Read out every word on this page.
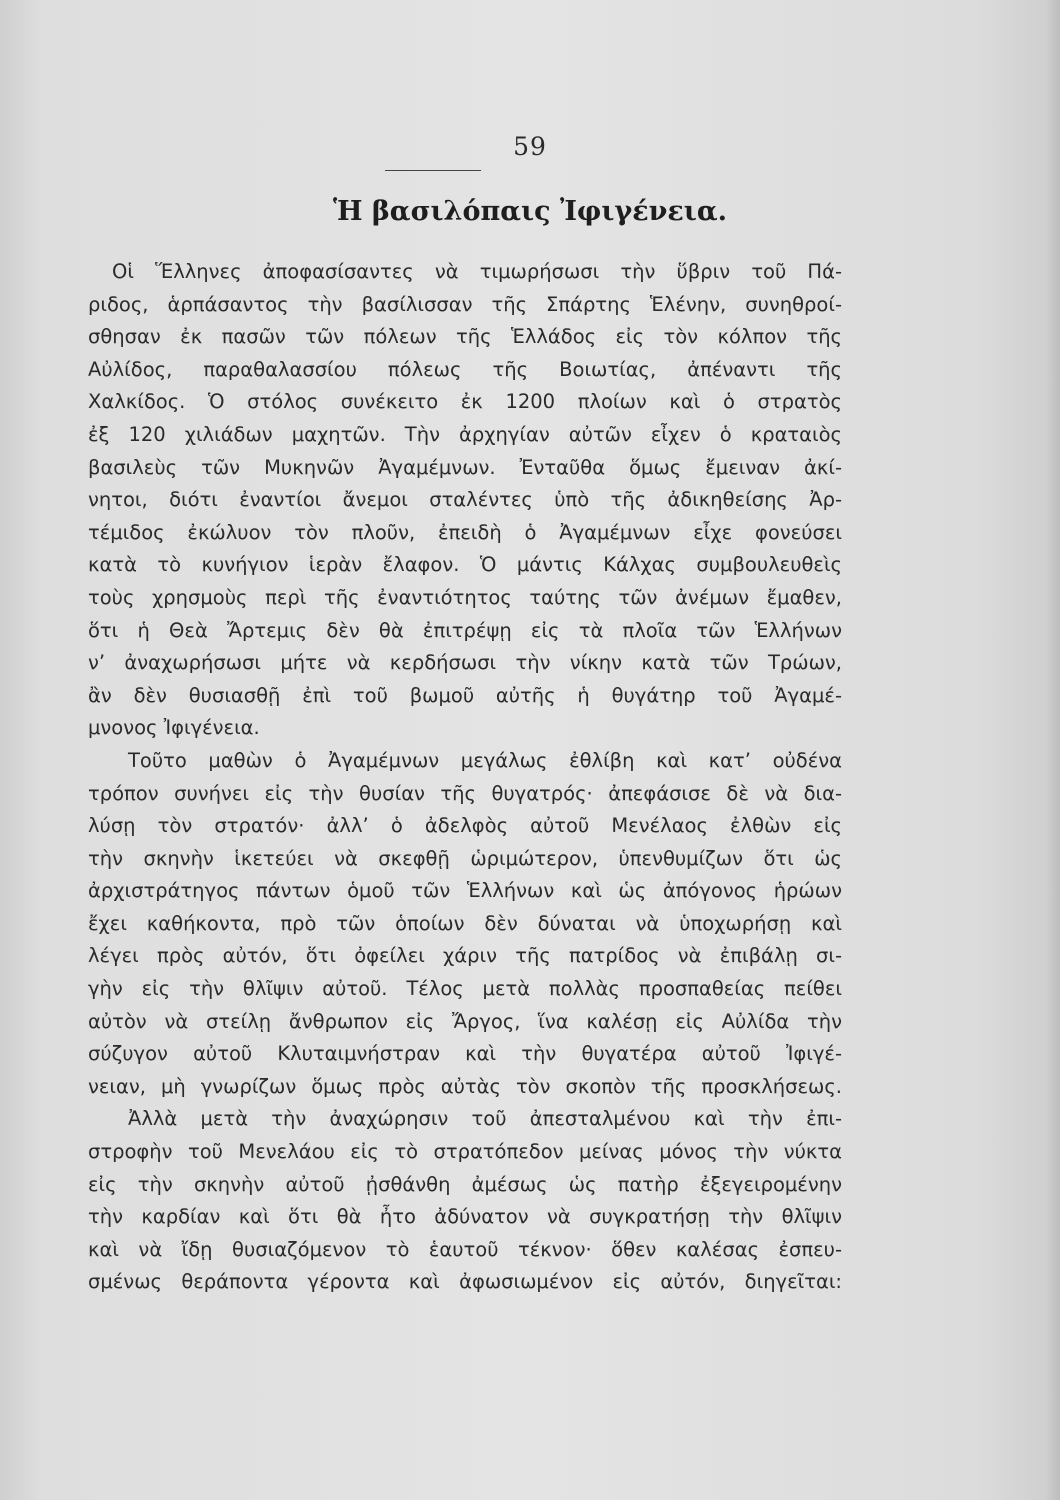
59
Ἡ βασιλόπαις Ἰφιγένεια.
Οἱ Ἕλληνες ἀποφασίσαντες νὰ τιμωρήσωσι τὴν ὕβριν τοῦ Πά-
ριδος, ἁρπάσαντος τὴν βασίλισσαν τῆς Σπάρτης Ἑλένην, συνηθροί-
σθησαν ἐκ πασῶν τῶν πόλεων τῆς Ἑλλάδος εἰς τὸν κόλπον τῆς
Αὐλίδος, παραθαλασσίου πόλεως τῆς Βοιωτίας, ἀπέναντι τῆς
Χαλκίδος. Ὁ στόλος συνέκειτο ἐκ 1200 πλοίων καὶ ὁ στρατὸς
ἐξ 120 χιλιάδων μαχητῶν. Τὴν ἀρχηγίαν αὐτῶν εἶχεν ὁ κραταιὸς
βασιλεὺς τῶν Μυκηνῶν Ἀγαμέμνων. Ἐνταῦθα ὅμως ἔμειναν ἀκί-
νητοι, διότι ἐναντίοι ἄνεμοι σταλέντες ὑπὸ τῆς ἀδικηθείσης Ἀρ-
τέμιδος ἐκώλυον τὸν πλοῦν, ἐπειδὴ ὁ Ἀγαμέμνων εἶχε φονεύσει
κατὰ τὸ κυνήγιον ἱερὰν ἔλαφον. Ὁ μάντις Κάλχας συμβουλευθεὶς
τοὺς χρησμοὺς περὶ τῆς ἐναντιότητος ταύτης τῶν ἀνέμων ἔμαθεν,
ὅτι ἡ Θεὰ Ἄρτεμις δὲν θὰ ἐπιτρέψῃ εἰς τὰ πλοῖα τῶν Ἑλλήνων
ν’ ἀναχωρήσωσι μήτε νὰ κερδήσωσι τὴν νίκην κατὰ τῶν Τρώων,
ἂν δὲν θυσιασθῇ ἐπὶ τοῦ βωμοῦ αὐτῆς ἡ θυγάτηρ τοῦ Ἀγαμέ-
μνονος Ἰφιγένεια.
Τοῦτο μαθὼν ὁ Ἀγαμέμνων μεγάλως ἐθλίβη καὶ κατ’ οὐδένα
τρόπον συνήνει εἰς τὴν θυσίαν τῆς θυγατρός· ἀπεφάσισε δὲ νὰ δια-
λύσῃ τὸν στρατόν· ἀλλ’ ὁ ἀδελφὸς αὐτοῦ Μενέλαος ἐλθὼν εἰς
τὴν σκηνὴν ἱκετεύει νὰ σκεφθῇ ὡριμώτερον, ὑπενθυμίζων ὅτι ὡς
ἀρχιστράτηγος πάντων ὁμοῦ τῶν Ἑλλήνων καὶ ὡς ἀπόγονος ἡρώων
ἔχει καθήκοντα, πρὸ τῶν ὁποίων δὲν δύναται νὰ ὑποχωρήσῃ καὶ
λέγει πρὸς αὐτόν, ὅτι ὀφείλει χάριν τῆς πατρίδος νὰ ἐπιβάλῃ σι-
γὴν εἰς τὴν θλῖψιν αὐτοῦ. Τέλος μετὰ πολλὰς προσπαθείας πείθει
αὐτὸν νὰ στείλῃ ἄνθρωπον εἰς Ἄργος, ἵνα καλέσῃ εἰς Αὐλίδα τὴν
σύζυγον αὐτοῦ Κλυταιμνήστραν καὶ τὴν θυγατέρα αὐτοῦ Ἰφιγέ-
νειαν, μὴ γνωρίζων ὅμως πρὸς αὐτὰς τὸν σκοπὸν τῆς προσκλήσεως.
Ἀλλὰ μετὰ τὴν ἀναχώρησιν τοῦ ἀπεσταλμένου καὶ τὴν ἐπι-
στροφὴν τοῦ Μενελάου εἰς τὸ στρατόπεδον μείνας μόνος τὴν νύκτα
εἰς τὴν σκηνὴν αὐτοῦ ᾐσθάνθη ἀμέσως ὡς πατὴρ ἐξεγειρομένην
τὴν καρδίαν καὶ ὅτι θὰ ἦτο ἀδύνατον νὰ συγκρατήσῃ τὴν θλῖψιν
καὶ νὰ ἴδῃ θυσιαζόμενον τὸ ἑαυτοῦ τέκνον· ὅθεν καλέσας ἐσπευ-
σμένως θεράποντα γέροντα καὶ ἀφωσιωμένον εἰς αὐτόν, διηγεῖται:
